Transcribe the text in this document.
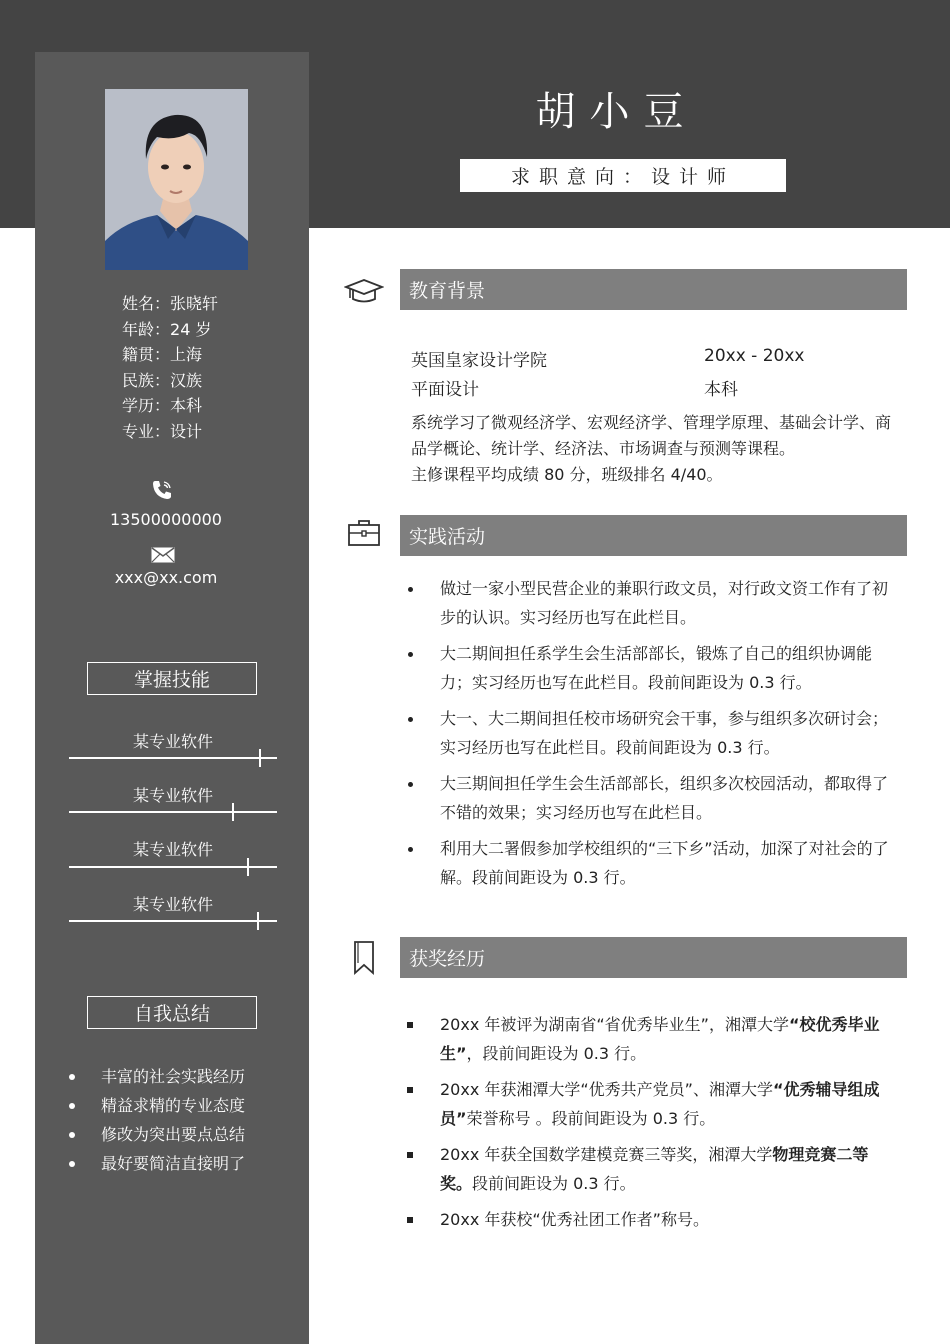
胡小豆
求职意向：设计师
姓名：张晓轩
年龄：24 岁
籍贯：上海
民族：汉族
学历：本科
专业：设计
13500000000
xxx@xx.com
掌握技能
某专业软件
某专业软件
某专业软件
某专业软件
自我总结
丰富的社会实践经历
精益求精的专业态度
修改为突出要点总结
最好要简洁直接明了
教育背景
英国皇家设计学院	20xx - 20xx
平面设计	本科
系统学习了微观经济学、宏观经济学、管理学原理、基础会计学、商品学概论、统计学、经济法、市场调查与预测等课程。
主修课程平均成绩 80 分，班级排名 4/40。
实践活动
做过一家小型民营企业的兼职行政文员，对行政文资工作有了初步的认识。实习经历也写在此栏目。
大二期间担任系学生会生活部部长，锻炼了自己的组织协调能力；实习经历也写在此栏目。段前间距设为 0.3 行。
大一、大二期间担任校市场研究会干事，参与组织多次研讨会；实习经历也写在此栏目。段前间距设为 0.3 行。
大三期间担任学生会生活部部长，组织多次校园活动，都取得了不错的效果；实习经历也写在此栏目。
利用大二署假参加学校组织的“三下乡”活动，加深了对社会的了解。段前间距设为 0.3 行。
获奖经历
20xx 年被评为湖南省“省优秀毕业生”，湘潭大学“校优秀毕业生”，段前间距设为 0.3 行。
20xx 年获湘潭大学“优秀共产党员”、湘潭大学“优秀辅导组成员”荣誉称号 。段前间距设为 0.3 行。
20xx 年获全国数学建模竞赛三等奖，湘潭大学物理竞赛二等奖。段前间距设为 0.3 行。
20xx 年获校“优秀社团工作者”称号。
